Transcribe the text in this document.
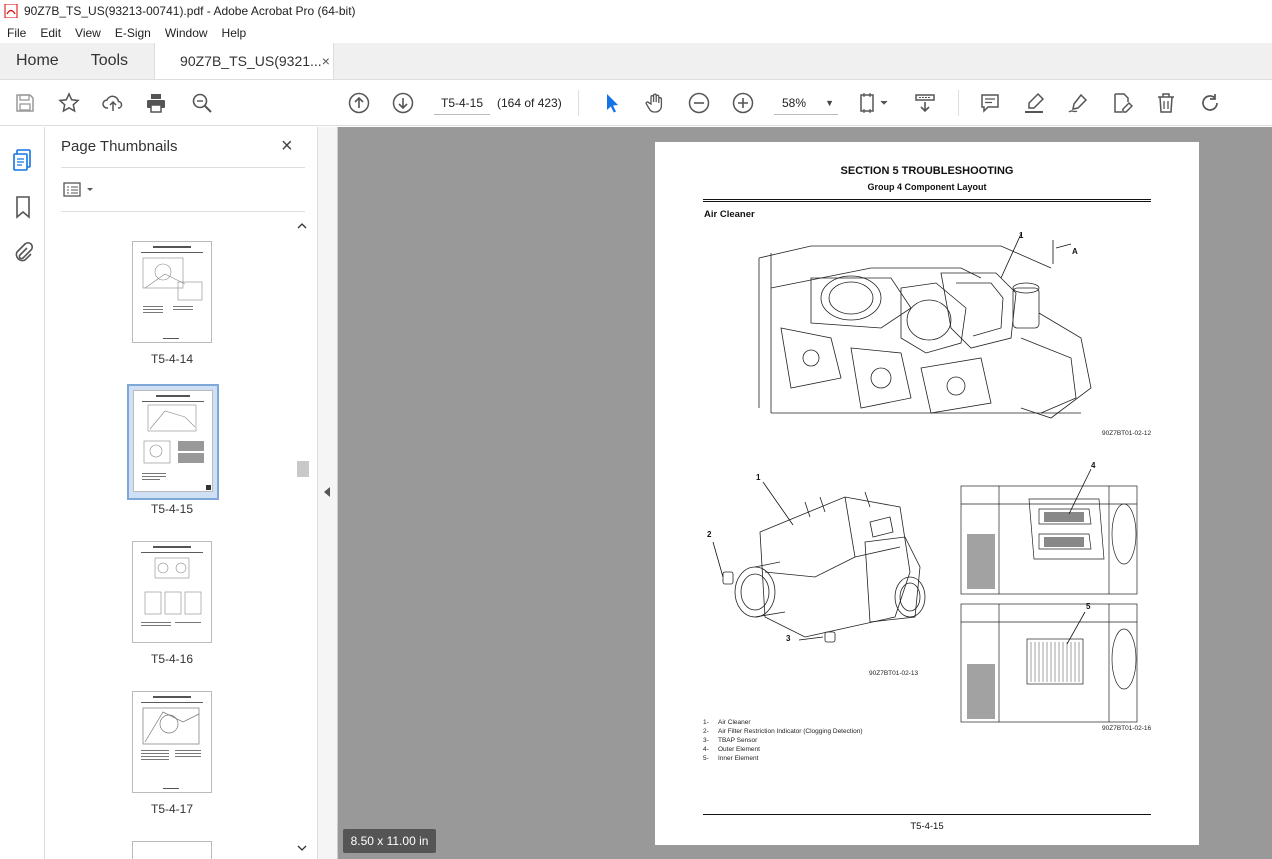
90Z7B_TS_US(93213-00741).pdf - Adobe Acrobat Pro (64-bit)
File	Edit	View	E-Sign	Window	Help
Home	Tools	90Z7B_TS_US(9321... ×
T5-4-15	(164 of 423)	58% ▼
Page Thumbnails	×
T5-4-14
T5-4-15
T5-4-16
T5-4-17
SECTION 5 TROUBLESHOOTING
Group 4 Component Layout
Air Cleaner
1
A
90Z7BT01-02-12
1
2
3
90Z7BT01-02-13
4
5
90Z7BT01-02-16
1- Air Cleaner
2- Air Filter Restriction Indicator (Clogging Detection)
3- TBAP Sensor
4- Outer Element
5- Inner Element
T5-4-15
8.50 x 11.00 in
